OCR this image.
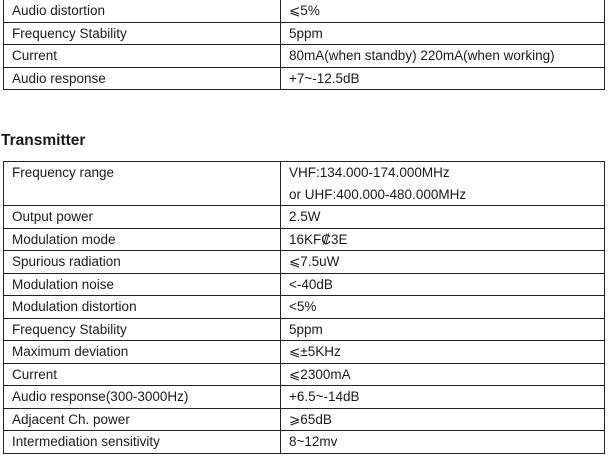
Audio distortion	⩽5%
Frequency Stability	5ppm
Current	80mA(when standby) 220mA(when working)
Audio response	+7~-12.5dB
Transmitter
Frequency range	VHF:134.000-174.000MHz
or UHF:400.000-480.000MHz

Output power	2.5W
Modulation mode	16KF₡3E
Spurious radiation	⩽7.5uW
Modulation noise	<-40dB
Modulation distortion	<5%
Frequency Stability	5ppm
Maximum deviation	⩽±5KHz
Current	⩽2300mA
Audio response(300-3000Hz)	+6.5~-14dB
Adjacent Ch. power	⩾65dB
Intermediation sensitivity	8~12mv
